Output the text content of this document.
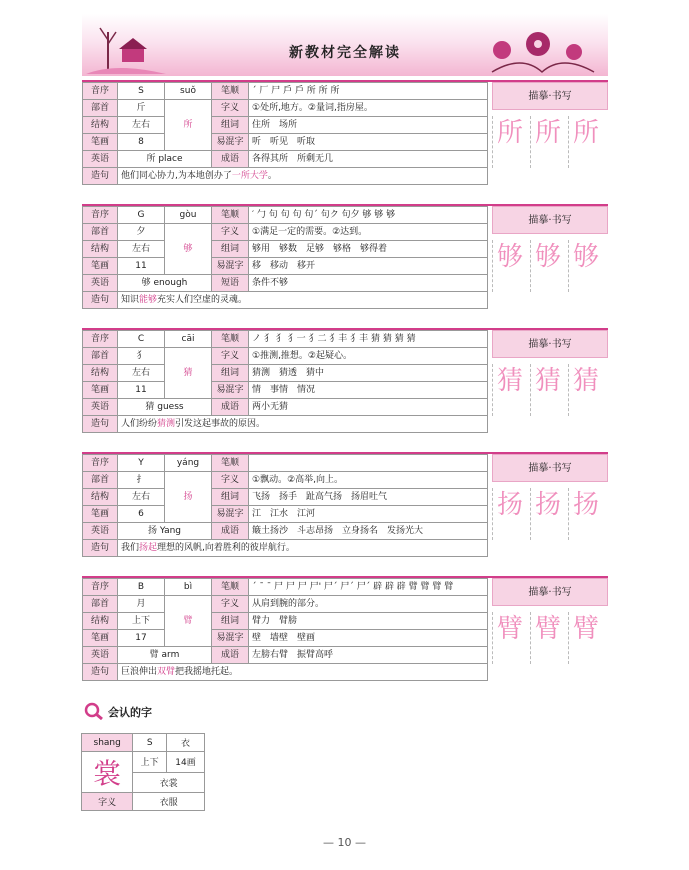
新教材完全解读
音序	S	suǒ	笔顺	ˊ 厂 尸 戶 戶 所 所 所
部首	斤	所	字义	①处所,地方。②量词,指房屋。
结构	左右		组词	住所　场所
笔画	8		易混字	听　听见　听取
英语	所 place		成语	各得其所　所剩无几
造句	他们同心协力,为本地创办了一所大学。			
描摹·书写
所 所 所
音序	G	gòu	笔顺	′ 勹 句 句 句 句ˊ 句ク 句夕 够 够 够
部首	夕	够	字义	①满足一定的需要。②达到。
结构	左右		组词	够用　够数　足够　够格　够得着
笔画	11		易混字	移　移动　移开
英语	够 enough		短语	条件不够
造句	知识能够充实人们空虚的灵魂。			
描摹·书写
够 够 够
音序	C	cāi	笔顺	ノ 犭 犭 犭一 犭二 犭丰 犭丰 猜 猜 猜 猜
部首	犭	猜	字义	①推测,推想。②起疑心。
结构	左右		组词	猜测　猜透　猜中
笔画	11		易混字	情　事情　情况
英语	猜 guess		成语	两小无猜
造句	人们纷纷猜测引发这起事故的原因。			
描摹·书写
猜 猜 猜
音序	Y	yáng	笔顺	
部首	扌	扬	字义	①飘动。②高举,向上。
结构	左右		组词	飞扬　扬手　趾高气扬　扬眉吐气
笔画	6		易混字	江　江水　江河
英语	扬 Yang		成语	簸土扬沙　斗志昂扬　立身扬名　发扬光大
造句	我们扬起理想的风帆,向着胜利的彼岸航行。			
描摹·书写
扬 扬 扬
音序	B	bì	笔顺	ˊ ˉ ˉ 尸 尸 尸 尸' 尸ˊ 尸ˊ 尸ˊ 辟 辟 辟 臂 臂 臂 臂
部首	月	臂	字义	从肩到腕的部分。
结构	上下		组词	臂力　臂膀
笔画	17		易混字	壁　墙壁　壁画
英语	臂 arm		成语	左膀右臂　振臂高呼
造句	巨浪伸出双臂把我摇地托起。			
描摹·书写
臂 臂 臂
会认的字
shang	S	衣
裳	上下	14画
	衣裳	
字义	衣服	
— 10 —
